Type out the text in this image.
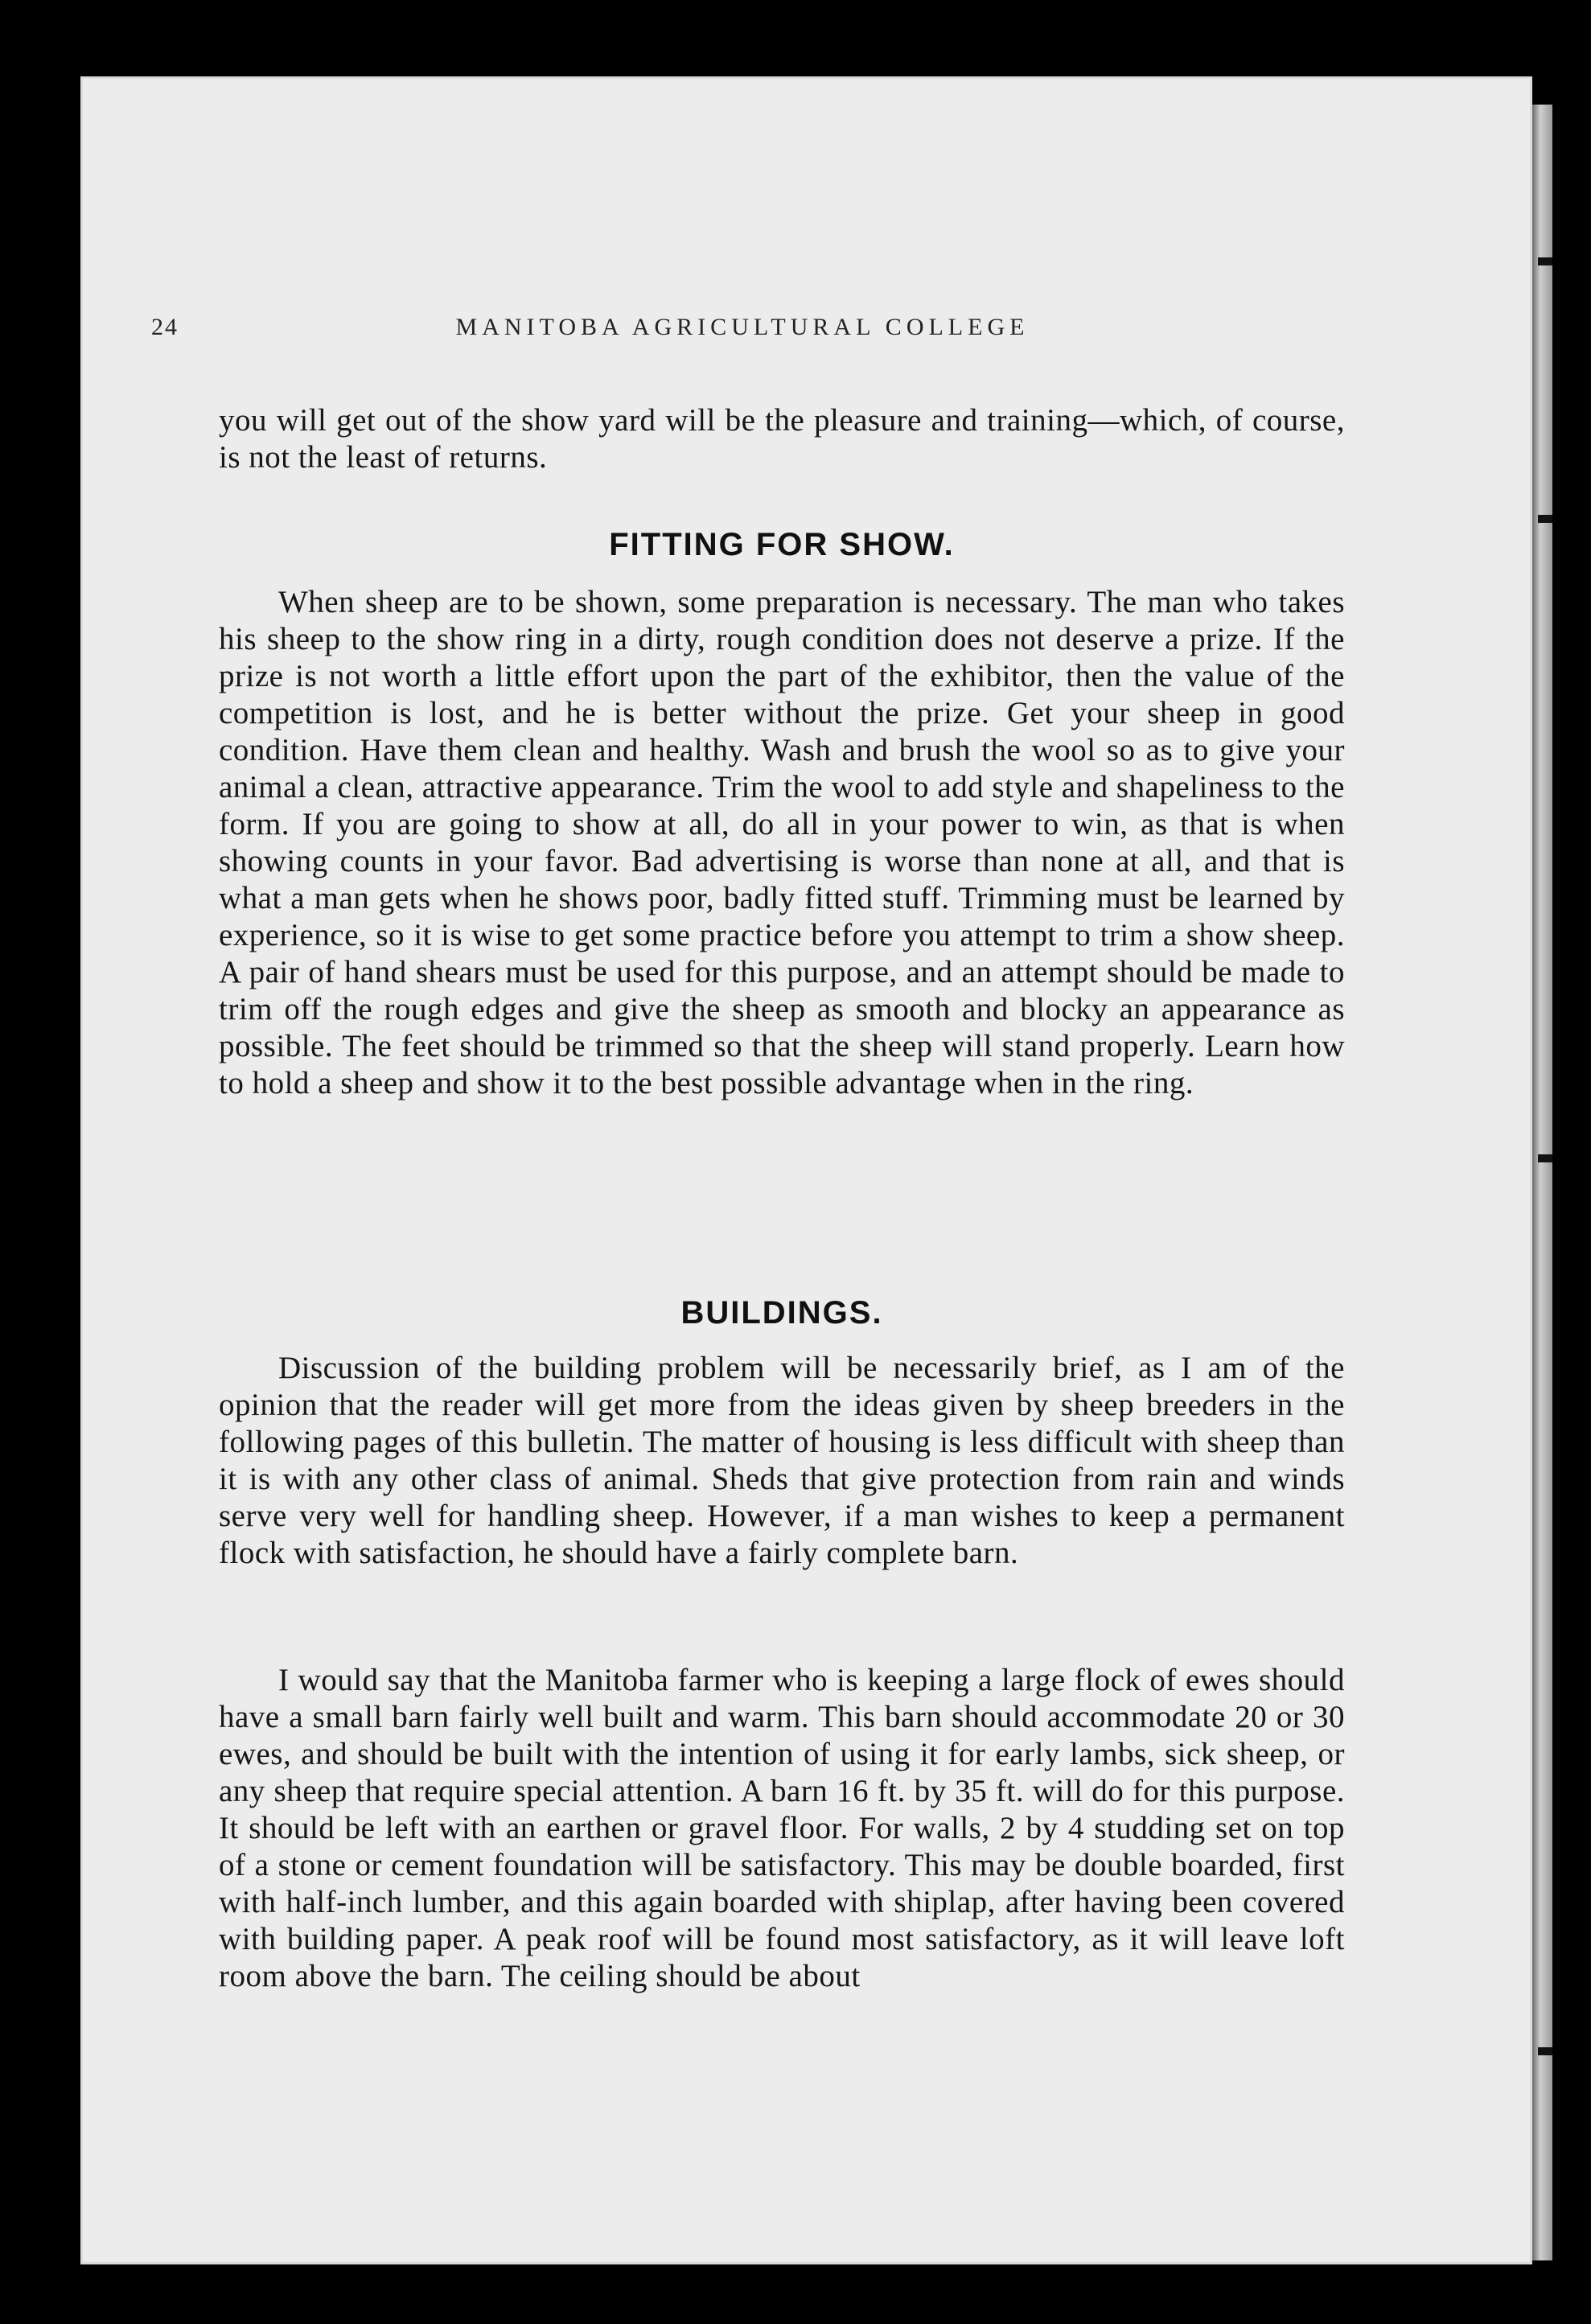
24	MANITOBA AGRICULTURAL COLLEGE

you will get out of the show yard will be the pleasure and training—which, of course, is not the least of returns.

FITTING FOR SHOW.

When sheep are to be shown, some preparation is necessary. The man who takes his sheep to the show ring in a dirty, rough condition does not deserve a prize. If the prize is not worth a little effort upon the part of the exhibitor, then the value of the competition is lost, and he is better without the prize. Get your sheep in good condition. Have them clean and healthy. Wash and brush the wool so as to give your animal a clean, attractive appearance. Trim the wool to add style and shapeliness to the form. If you are going to show at all, do all in your power to win, as that is when showing counts in your favor. Bad advertising is worse than none at all, and that is what a man gets when he shows poor, badly fitted stuff. Trimming must be learned by experience, so it is wise to get some practice before you attempt to trim a show sheep. A pair of hand shears must be used for this purpose, and an attempt should be made to trim off the rough edges and give the sheep as smooth and blocky an appearance as possible. The feet should be trimmed so that the sheep will stand properly. Learn how to hold a sheep and show it to the best possible advantage when in the ring.

BUILDINGS.

Discussion of the building problem will be necessarily brief, as I am of the opinion that the reader will get more from the ideas given by sheep breeders in the following pages of this bulletin. The matter of housing is less difficult with sheep than it is with any other class of animal. Sheds that give protection from rain and winds serve very well for handling sheep. However, if a man wishes to keep a permanent flock with satisfaction, he should have a fairly complete barn.

I would say that the Manitoba farmer who is keeping a large flock of ewes should have a small barn fairly well built and warm. This barn should accommodate 20 or 30 ewes, and should be built with the intention of using it for early lambs, sick sheep, or any sheep that require special attention. A barn 16 ft. by 35 ft. will do for this purpose. It should be left with an earthen or gravel floor. For walls, 2 by 4 studding set on top of a stone or cement foundation will be satisfactory. This may be double boarded, first with half-inch lumber, and this again boarded with shiplap, after having been covered with building paper. A peak roof will be found most satisfactory, as it will leave loft room above the barn. The ceiling should be about
